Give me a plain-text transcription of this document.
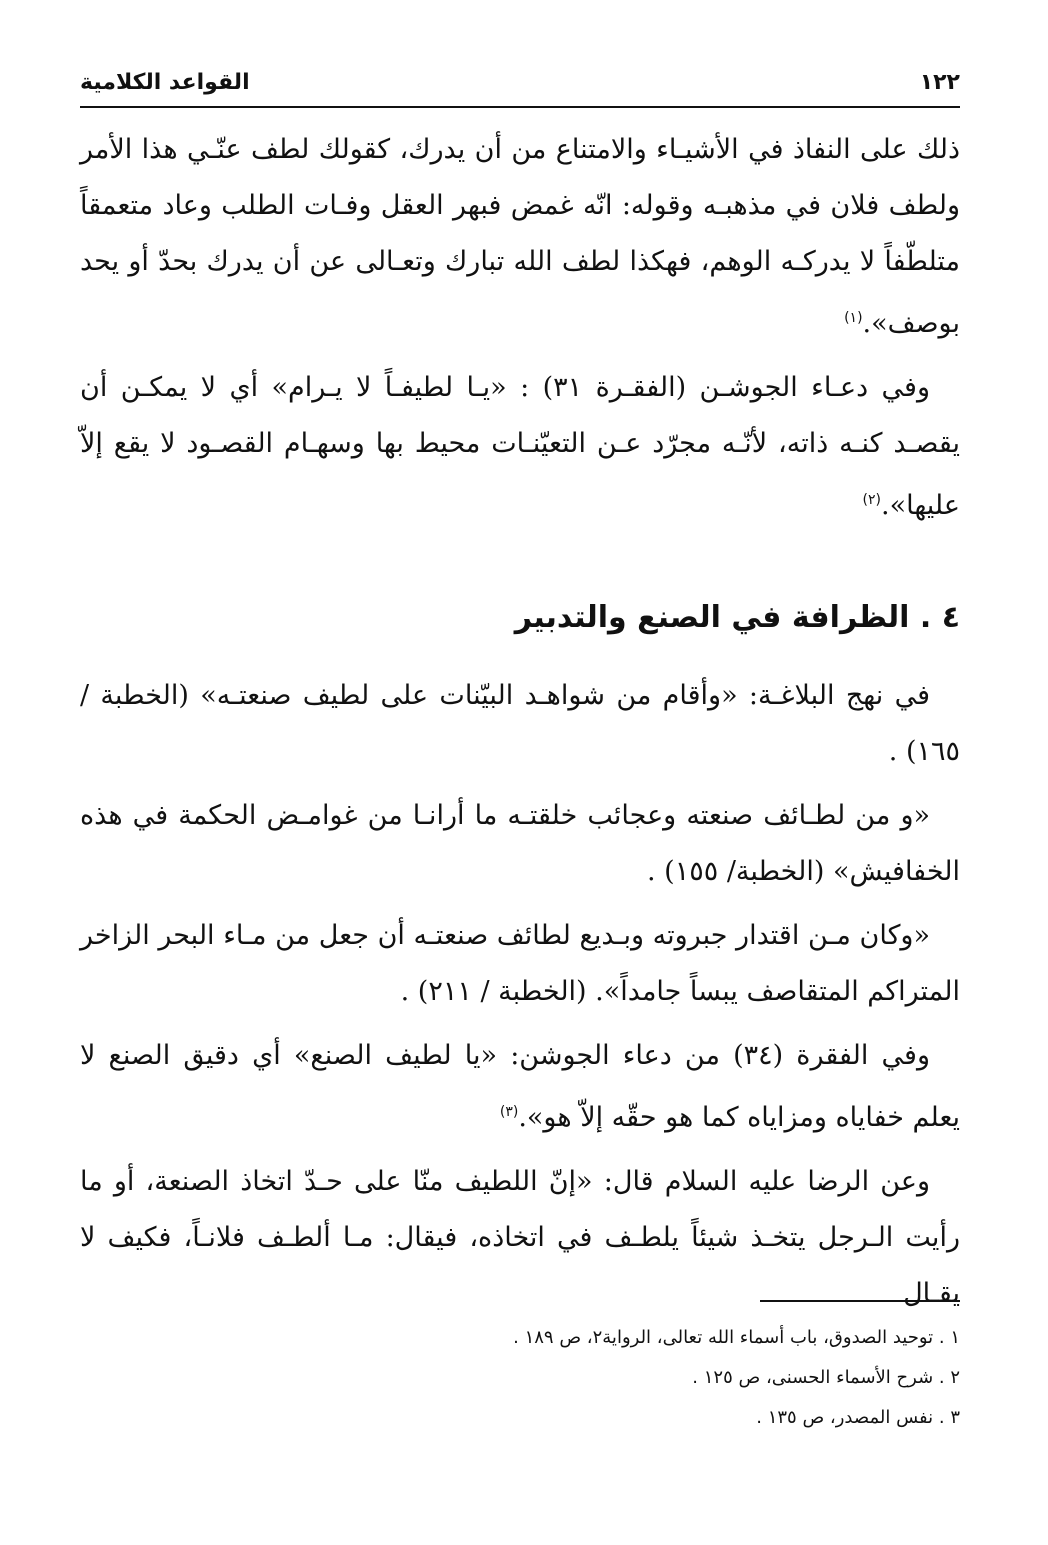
١٢٢
القواعد الكلامية

ذلك على النفاذ في الأشيـاء والامتناع من أن يدرك، كقولك لطف عنّـي هذا الأمر ولطف فلان في مذهبـه وقوله: انّه غمض فبهر العقل وفـات الطلب وعاد متعمقاً متلطّفاً لا يدركـه الوهم، فهكذا لطف الله تبارك وتعـالى عن أن يدرك بحدّ أو يحد بوصف».$^{(١)}$

وفي دعـاء الجوشـن (الفقـرة ٣١) : «يـا لطيفـاً لا يـرام» أي لا يمكـن أن يقصـد كنـه ذاته، لأنّـه مجرّد عـن التعيّنـات محيط بها وسهـام القصـود لا يقع إلاّ عليها».$^{(٢)}$

٤ . الظرافة في الصنع والتدبير

في نهج البلاغـة: «وأقام من شواهـد البيّنات على لطيف صنعتـه» (الخطبة / ١٦٥) .

«و من لطـائف صنعته وعجائب خلقتـه ما أرانـا من غوامـض الحكمة في هذه الخفافيش» (الخطبة/ ١٥٥) .

«وكان مـن اقتدار جبروته وبـديع لطائف صنعتـه أن جعل من مـاء البحر الزاخر المتراكم المتقاصف يبساً جامداً». (الخطبة / ٢١١) .

وفي الفقرة (٣٤) من دعاء الجوشن: «يا لطيف الصنع» أي دقيق الصنع لا يعلم خفاياه ومزاياه كما هو حقّه إلاّ هو».$^{(٣)}$

وعن الرضا عليه السلام قال: «إنّ اللطيف منّا على حـدّ اتخاذ الصنعة، أو ما رأيت الـرجل يتخـذ شيئاً يلطـف في اتخاذه، فيقال: مـا ألطـف فلانـاً، فكيف لا يقـال

١ . توحيد الصدوق، باب أسماء الله تعالى، الرواية٢، ص ١٨٩ .
٢ . شرح الأسماء الحسنى، ص ١٢٥ .
٣ . نفس المصدر، ص ١٣٥ .
